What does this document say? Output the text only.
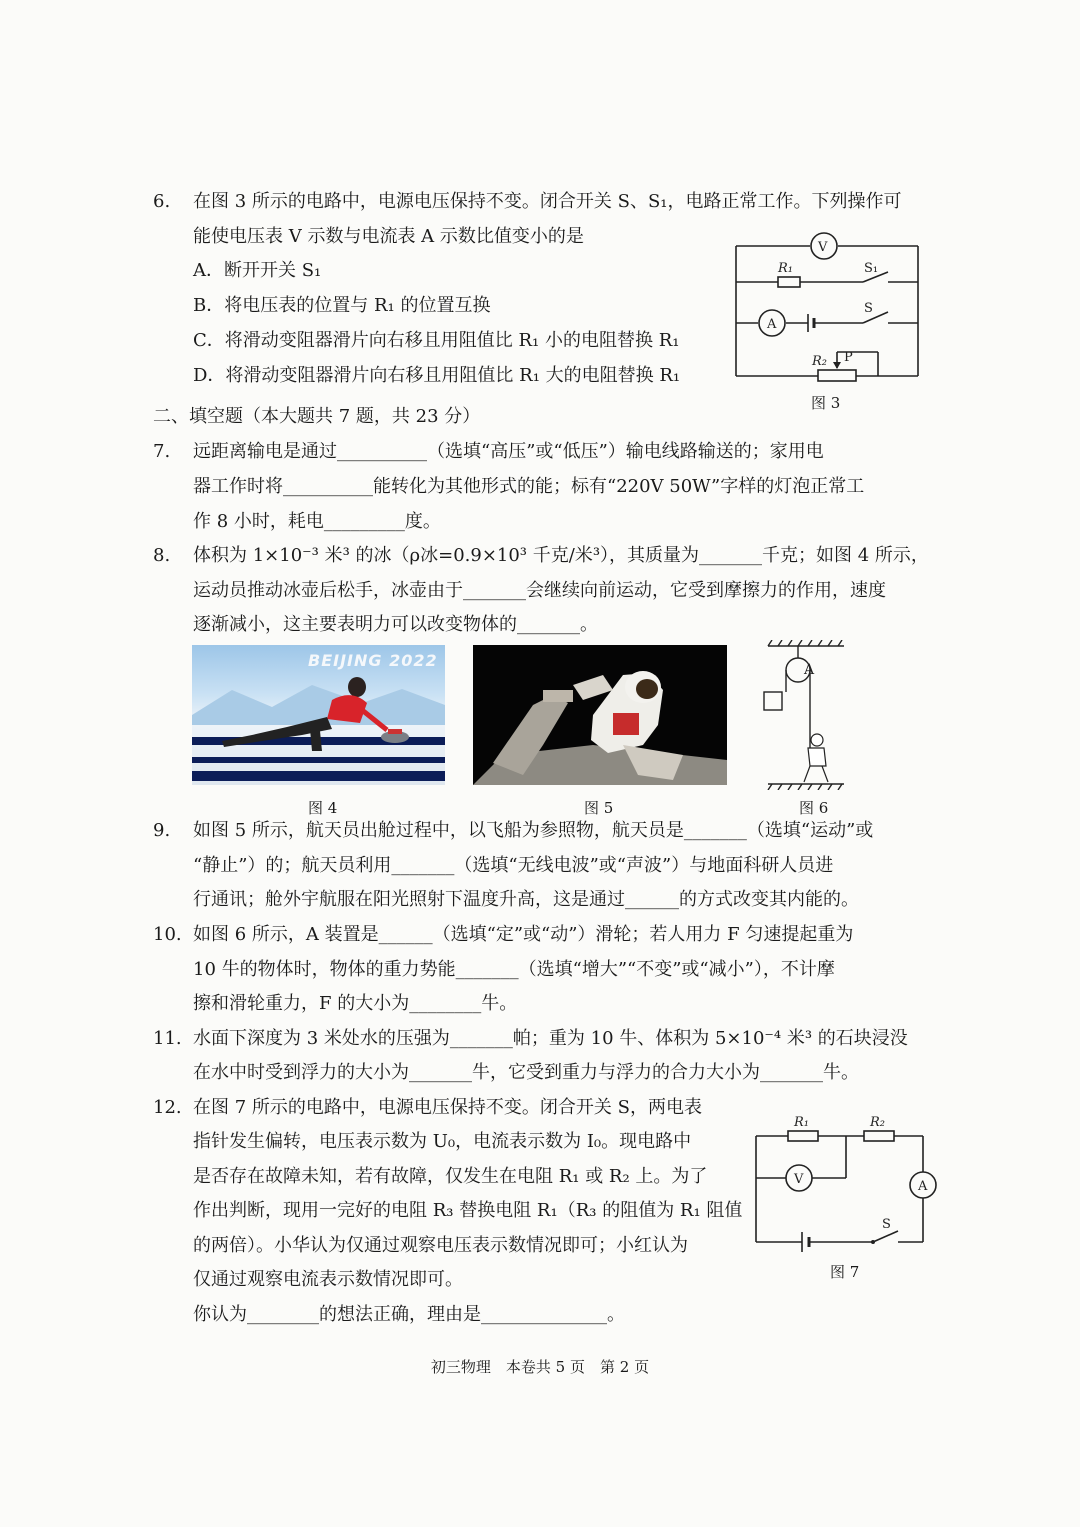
6. 在图 3 所示的电路中，电源电压保持不变。闭合开关 S、S₁，电路正常工作。下列操作可
能使电压表 V 示数与电流表 A 示数比值变小的是
A．断开开关 S₁
B．将电压表的位置与 R₁ 的位置互换
C．将滑动变阻器滑片向右移且用阻值比 R₁ 小的电阻替换 R₁
D．将滑动变阻器滑片向右移且用阻值比 R₁ 大的电阻替换 R₁
V
A
R₁	S₁
S
R₂ P
图 3
二、填空题（本大题共 7 题，共 23 分）
7. 远距离输电是通过__________（选填“高压”或“低压”）输电线路输送的；家用电
器工作时将__________能转化为其他形式的能；标有“220V 50W”字样的灯泡正常工
作 8 小时，耗电_________度。
8. 体积为 1×10⁻³ 米³ 的冰（ρ冰=0.9×10³ 千克/米³），其质量为_______千克；如图 4 所示，
运动员推动冰壶后松手，冰壶由于_______会继续向前运动，它受到摩擦力的作用，速度
逐渐减小，这主要表明力可以改变物体的_______。
BEIJING 2022	A
图 4	图 5	图 6
9. 如图 5 所示，航天员出舱过程中，以飞船为参照物，航天员是_______（选填“运动”或
“静止”）的；航天员利用_______（选填“无线电波”或“声波”）与地面科研人员进
行通讯；舱外宇航服在阳光照射下温度升高，这是通过______的方式改变其内能的。
10. 如图 6 所示，A 装置是______（选填“定”或“动”）滑轮；若人用力 F 匀速提起重为
10 牛的物体时，物体的重力势能_______（选填“增大”“不变”或“减小”），不计摩
擦和滑轮重力，F 的大小为________牛。
11. 水面下深度为 3 米处水的压强为_______帕；重为 10 牛、体积为 5×10⁻⁴ 米³ 的石块浸没
在水中时受到浮力的大小为_______牛，它受到重力与浮力的合力大小为_______牛。
12. 在图 7 所示的电路中，电源电压保持不变。闭合开关 S，两电表
指针发生偏转，电压表示数为 U₀，电流表示数为 I₀。现电路中
是否存在故障未知，若有故障，仅发生在电阻 R₁ 或 R₂ 上。为了
作出判断，现用一完好的电阻 R₃ 替换电阻 R₁（R₃ 的阻值为 R₁ 阻值
的两倍）。小华认为仅通过观察电压表示数情况即可；小红认为
仅通过观察电流表示数情况即可。
你认为________的想法正确，理由是______________。
R₁	R₂
V	A
S
图 7
初三物理　本卷共 5 页　第 2 页
